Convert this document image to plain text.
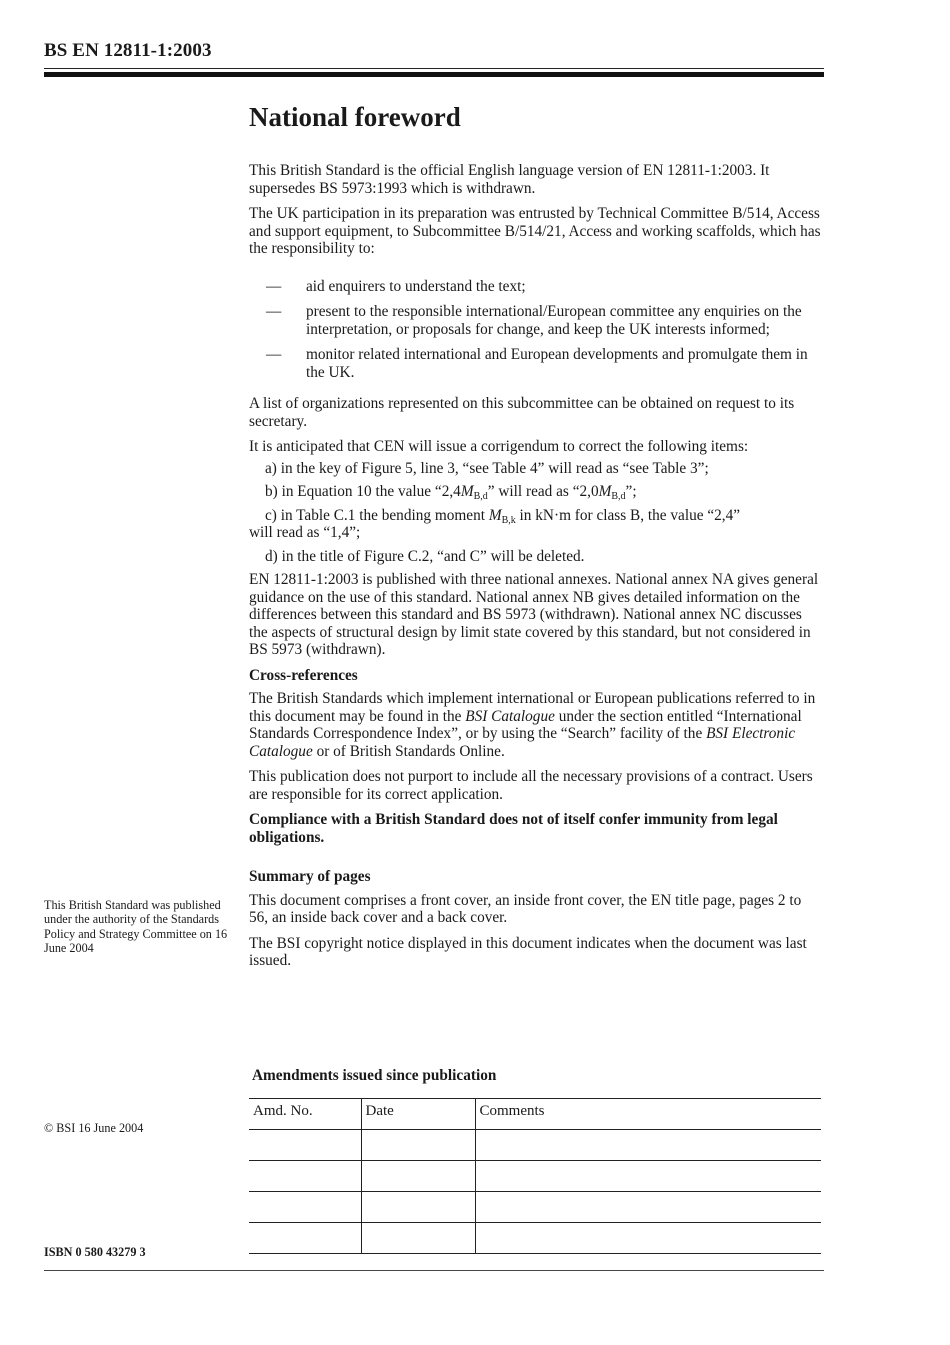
BS EN 12811-1:2003
National foreword

This British Standard is the official English language version of EN 12811-1:2003. It supersedes BS 5973:1993 which is withdrawn.

The UK participation in its preparation was entrusted by Technical Committee B/514, Access and support equipment, to Subcommittee B/514/21, Access and working scaffolds, which has the responsibility to:

—	aid enquirers to understand the text;
—	present to the responsible international/European committee any enquiries on the interpretation, or proposals for change, and keep the UK interests informed;
—	monitor related international and European developments and promulgate them in the UK.

A list of organizations represented on this subcommittee can be obtained on request to its secretary.

It is anticipated that CEN will issue a corrigendum to correct the following items:

a) in the key of Figure 5, line 3, “see Table 4” will read as “see Table 3”;

b) in Equation 10 the value “$2,4M_{B,d}$” will read as “$2,0M_{B,d}$”;

c) in Table C.1 the bending moment $M_{B,k}$ in kN·m for class B, the value “2,4”
will read as “1,4”;

d) in the title of Figure C.2, “and C” will be deleted.

EN 12811-1:2003 is published with three national annexes. National annex NA gives general guidance on the use of this standard. National annex NB gives detailed information on the differences between this standard and BS 5973 (withdrawn). National annex NC discusses the aspects of structural design by limit state covered by this standard, but not considered in BS 5973 (withdrawn).

Cross-references

The British Standards which implement international or European publications referred to in this document may be found in the BSI Catalogue under the section entitled “International Standards Correspondence Index”, or by using the “Search” facility of the BSI Electronic Catalogue or of British Standards Online.

This publication does not purport to include all the necessary provisions of a contract. Users are responsible for its correct application.

Compliance with a British Standard does not of itself confer immunity from legal obligations.

Summary of pages

This document comprises a front cover, an inside front cover, the EN title page, pages 2 to 56, an inside back cover and a back cover.

The BSI copyright notice displayed in this document indicates when the document was last issued.

This British Standard was published under the authority of the Standards Policy and Strategy Committee on 16 June 2004
© BSI 16 June 2004
ISBN 0 580 43279 3
Amendments issued since publication
Amd. No.	Date	Comments
